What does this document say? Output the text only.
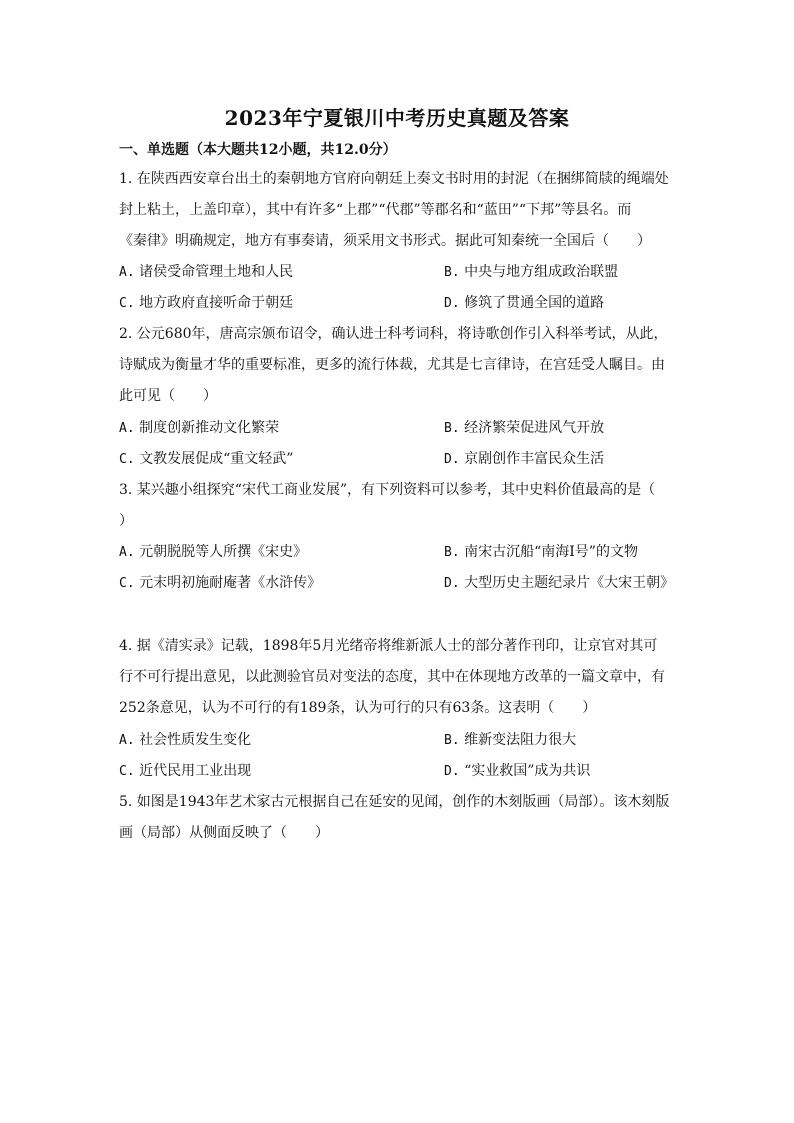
2023年宁夏银川中考历史真题及答案
一、单选题（本大题共12小题，共12.0分）
1. 在陕西西安章台出土的秦朝地方官府向朝廷上奏文书时用的封泥（在捆绑简牍的绳端处
封上粘土，上盖印章），其中有许多“上郡”“代郡”等郡名和“蓝田”“下邦”等县名。而
《秦律》明确规定，地方有事奏请，须采用文书形式。据此可知秦统一全国后（　　）
A. 诸侯受命管理土地和人民	B. 中央与地方组成政治联盟
C. 地方政府直接听命于朝廷	D. 修筑了贯通全国的道路
2. 公元680年，唐高宗颁布诏令，确认进士科考词科，将诗歌创作引入科举考试，从此，
诗赋成为衡量才华的重要标准，更多的流行体裁，尤其是七言律诗，在宫廷受人瞩目。由
此可见（　　）
A. 制度创新推动文化繁荣	B. 经济繁荣促进风气开放
C. 文教发展促成“重文轻武”	D. 京剧创作丰富民众生活
3. 某兴趣小组探究“宋代工商业发展”，有下列资料可以参考，其中史料价值最高的是（
）
A. 元朝脱脱等人所撰《宋史》	B. 南宋古沉船“南海Ⅰ号”的文物
C. 元末明初施耐庵著《水浒传》	D. 大型历史主题纪录片《大宋王朝》
4. 据《清实录》记载，1898年5月光绪帝将维新派人士的部分著作刊印，让京官对其可
行不可行提出意见，以此测验官员对变法的态度，其中在体现地方改革的一篇文章中，有
252条意见，认为不可行的有189条，认为可行的只有63条。这表明（　　）
A. 社会性质发生变化	B. 维新变法阻力很大
C. 近代民用工业出现	D. “实业救国”成为共识
5. 如图是1943年艺术家古元根据自己在延安的见闻，创作的木刻版画（局部）。该木刻版
画（局部）从侧面反映了（　　）
